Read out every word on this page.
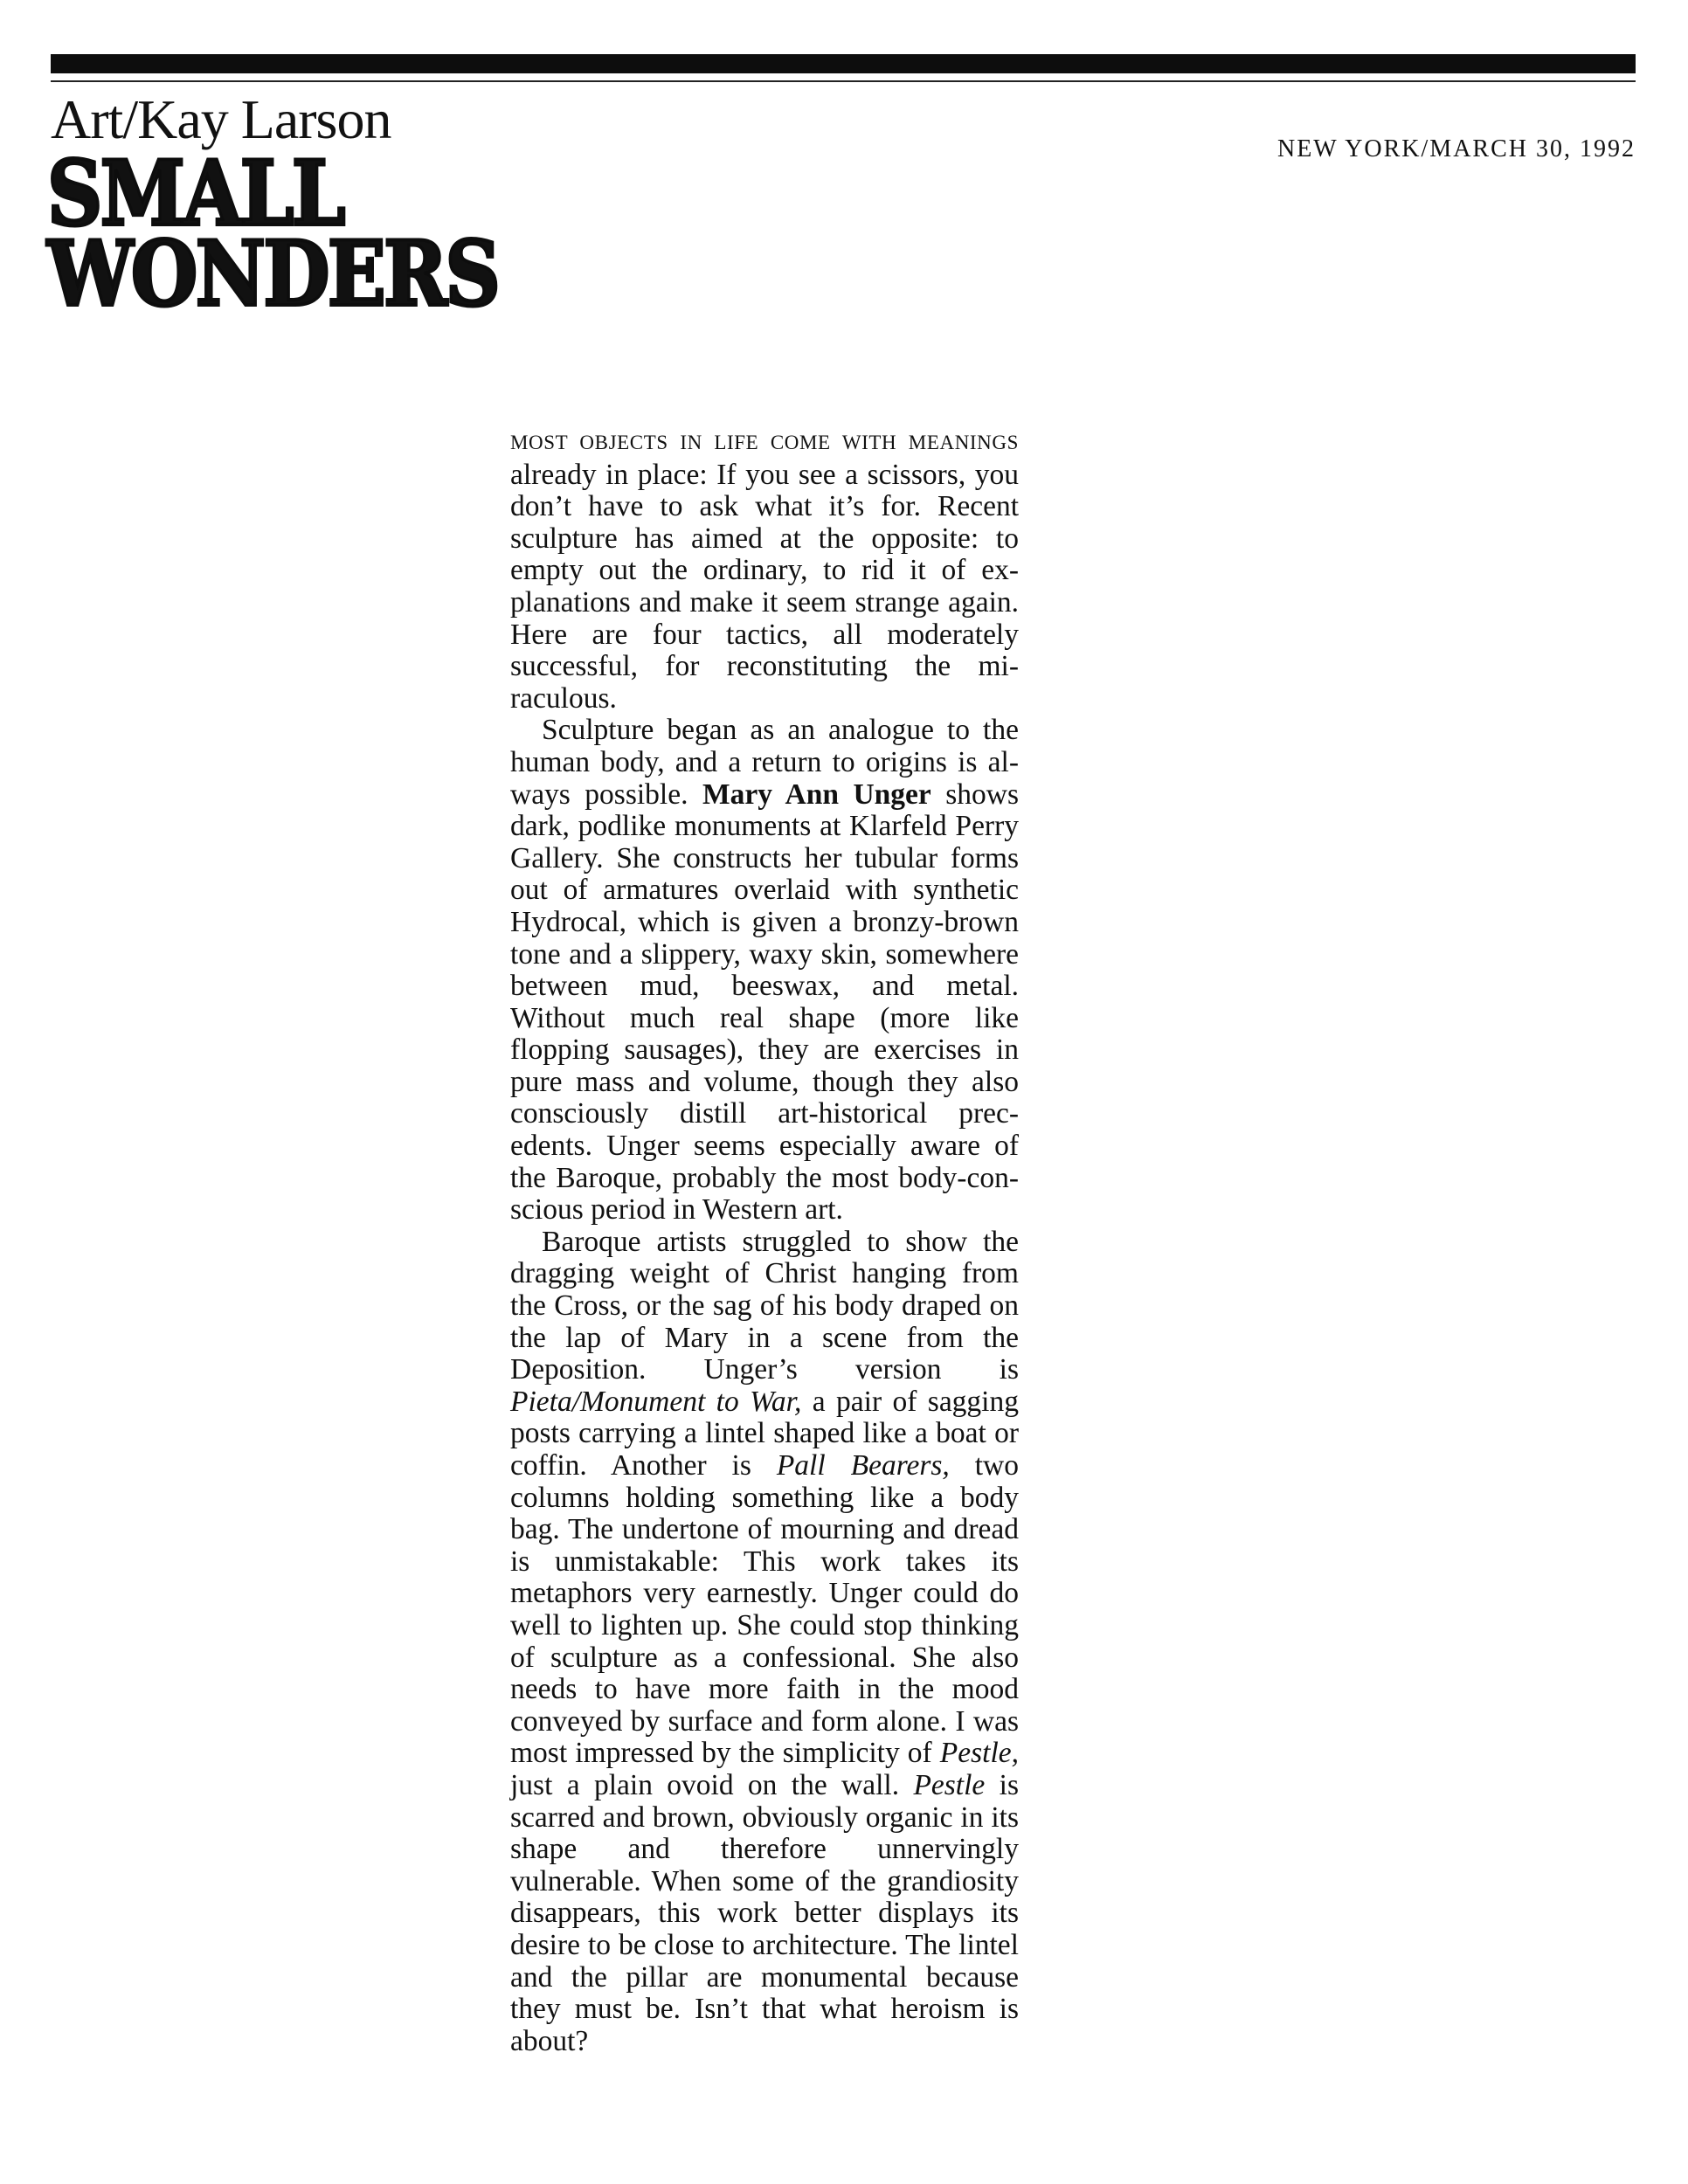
Art/Kay Larson
SMALL
WONDERS
NEW YORK/MARCH 30, 1992

MOST OBJECTS IN LIFE COME WITH MEANINGS already in place: If you see a scissors, you don’t have to ask what it’s for. Recent sculpture has aimed at the opposite: to empty out the ordinary, to rid it of explanations and make it seem strange again. Here are four tactics, all moderately successful, for reconstituting the miraculous.

Sculpture began as an analogue to the human body, and a return to origins is always possible. Mary Ann Unger shows dark, podlike monuments at Klarfeld Perry Gallery. She constructs her tubular forms out of armatures overlaid with synthetic Hydrocal, which is given a bronzy-brown tone and a slippery, waxy skin, somewhere between mud, beeswax, and metal. Without much real shape (more like flopping sausages), they are exercises in pure mass and volume, though they also consciously distill art-historical precedents. Unger seems especially aware of the Baroque, probably the most body-conscious period in Western art.

Baroque artists struggled to show the dragging weight of Christ hanging from the Cross, or the sag of his body draped on the lap of Mary in a scene from the Deposition. Unger’s version is Pieta/Monument to War, a pair of sagging posts carrying a lintel shaped like a boat or coffin. Another is Pall Bearers, two columns holding something like a body bag. The undertone of mourning and dread is unmistakable: This work takes its metaphors very earnestly. Unger could do well to lighten up. She could stop thinking of sculpture as a confessional. She also needs to have more faith in the mood conveyed by surface and form alone. I was most impressed by the simplicity of Pestle, just a plain ovoid on the wall. Pestle is scarred and brown, obviously organic in its shape and therefore unnervingly vulnerable. When some of the grandiosity disappears, this work better displays its desire to be close to architecture. The lintel and the pillar are monumental because they must be. Isn’t that what heroism is about?
